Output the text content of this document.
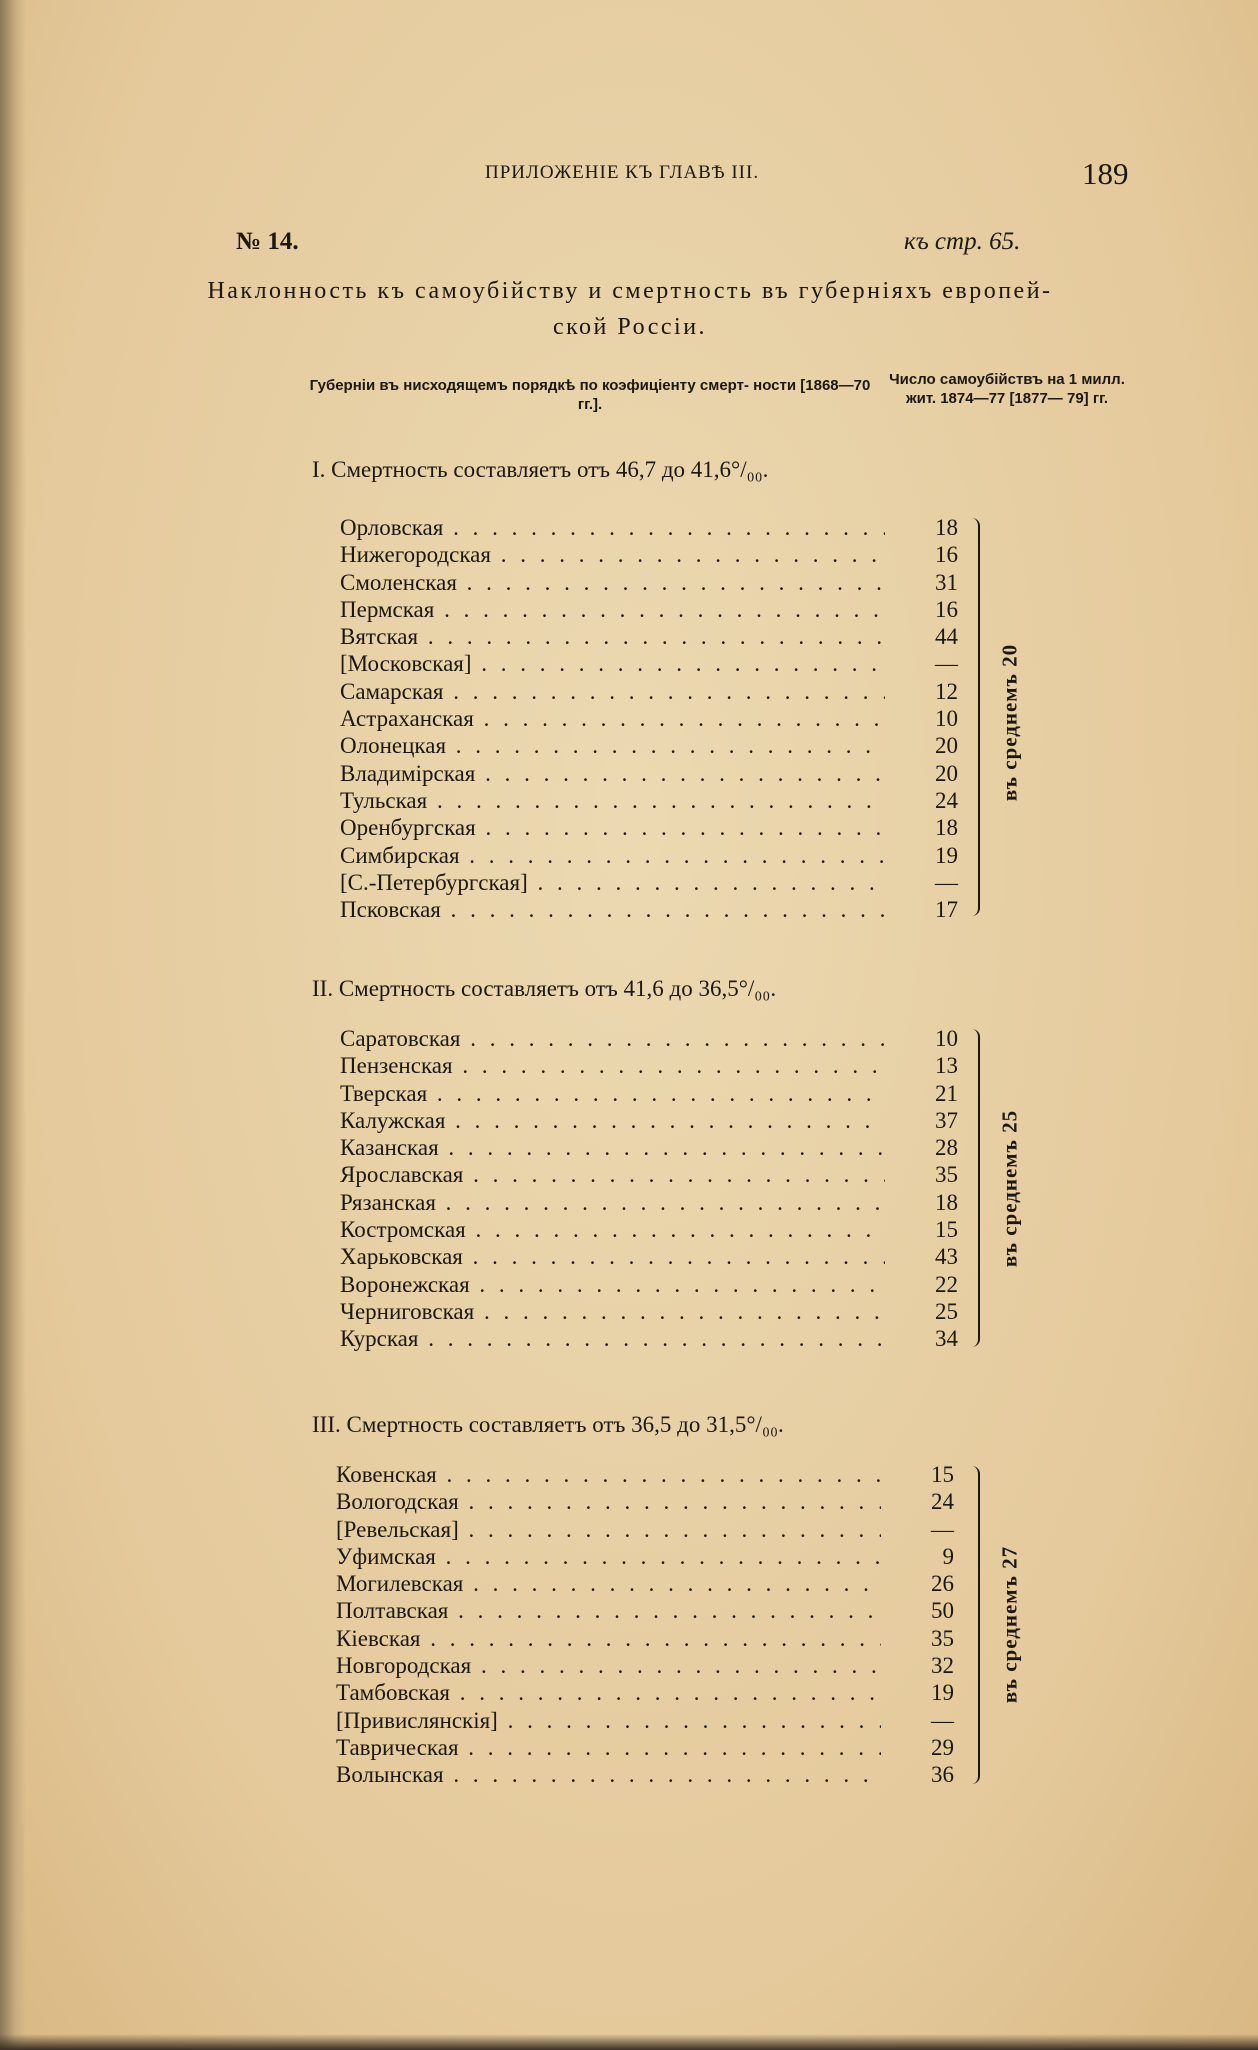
ПРИЛОЖЕНІЕ КЪ ГЛАВѢ III.	189
№ 14.	къ стр. 65.
Наклонность къ самоубійству и смертность въ губерніяхъ европей-
ской Россіи.
Губерніи въ нисходящемъ порядкѣ по коэфиціенту смерт- ности [1868—70 гг.].
Число самоубійствъ на 1 милл. жит. 1874—77 [1877— 79] гг.
I. Смертность составляетъ отъ 46,7 до 41,6°/₀₀.
Орловская . . .	18
Нижегородская . . .	16
Смоленская . . .	31
Пермская . . .	16
Вятская . . .	44
[Московская] . . .	—
Самарская . . .	12
Астраханская . . .	10
Олонецкая . . .	20
Владимірская . . .	20
Тульская . . .	24
Оренбургская . . .	18
Симбирская . . .	19
[С.-Петербургская] . . .	—
Псковская . . .	17
въ среднемъ 20
II. Смертность составляетъ отъ 41,6 до 36,5°/₀₀.
Саратовская . . .	10
Пензенская . . .	13
Тверская . . .	21
Калужская . . .	37
Казанская . . .	28
Ярославская . . .	35
Рязанская . . .	18
Костромская . . .	15
Харьковская . . .	43
Воронежская . . .	22
Черниговская . . .	25
Курская . . .	34
въ среднемъ 25
III. Смертность составляетъ отъ 36,5 до 31,5°/₀₀.
Ковенская . . .	15
Вологодская . . .	24
[Ревельская] . . .	—
Уфимская . . .	9
Могилевская . . .	26
Полтавская . . .	50
Кіевская . . .	35
Новгородская . . .	32
Тамбовская . . .	19
[Привислянскія] . . .	—
Таврическая . . .	29
Волынская . . .	36
въ среднемъ 27
